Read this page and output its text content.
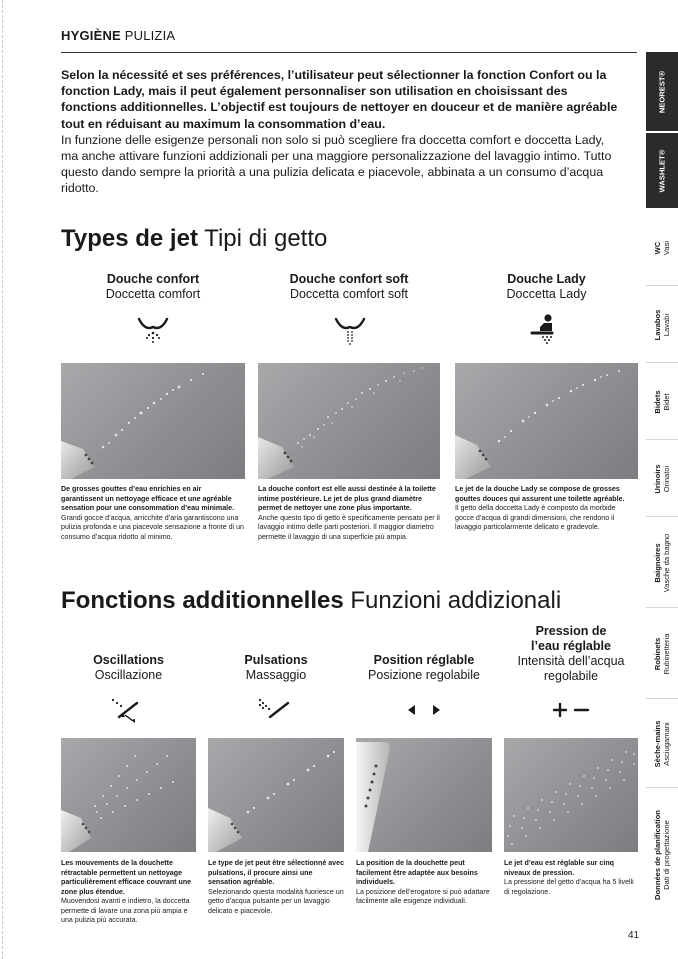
HYGIÈNE PULIZIA
Selon la nécessité et ses préférences, l’utilisateur peut sélectionner la fonction Confort ou la fonction Lady, mais il peut également personnaliser son utilisation en choisissant des fonctions additionnelles. L’objectif est toujours de nettoyer en douceur et de manière agréable tout en réduisant au maximum la consommation d’eau.
In funzione delle esigenze personali non solo si può scegliere fra doccetta comfort e doccetta Lady, ma anche attivare funzioni addizionali per una maggiore personalizzazione del lavaggio intimo. Tutto questo dando sempre la priorità a una pulizia delicata e piacevole, abbinata a un consumo d’acqua ridotto.
Types de jet Tipi di getto
Douche confort
Doccetta comfort
Douche confort soft
Doccetta comfort soft
Douche Lady
Doccetta Lady
De grosses gouttes d’eau enrichies en air garantissent un nettoyage efficace et une agréable sensation pour une consommation d’eau minimale.
Grandi gocce d’acqua, arricchite d’aria garantiscono una pulizia profonda e una piacevole sensazione a fronte di un consumo d’acqua ridotto al minimo.
La douche confort est elle aussi destinée à la toilette intime postérieure. Le jet de plus grand diamètre permet de nettoyer une zone plus importante.
Anche questo tipo di getto è specificamente pensato per il lavaggio intimo delle parti posteriori. Il maggior diametro permette il lavaggio di una superficie più ampia.
Le jet de la douche Lady se compose de grosses gouttes douces qui assurent une toilette agréable.
Il getto della doccetta Lady è composto da morbide gocce d’acqua di grandi dimensioni, che rendono il lavaggio particolarmente delicato e gradevole.
Fonctions additionnelles Funzioni addizionali
Oscillations
Oscillazione
Pulsations
Massaggio
Position réglable
Posizione regolabile
Pression de l’eau réglable
Intensità dell’acqua regolabile
Les mouvements de la douchette rétractable permettent un nettoyage particulièrement efficace couvrant une zone plus étendue.
Muovendosi avanti e indietro, la doccetta permette di lavare una zona più ampia e una pulizia più accurata.
Le type de jet peut être sélectionné avec pulsations, il procure ainsi une sensation agréable.
Selezionando questa modalità fuoriesce un getto d’acqua pulsante per un lavaggio delicato e piacevole.
La position de la douchette peut facilement être adaptée aux besoins individuels.
La posizione dell’erogatore si può adattare facilmente alle esigenze individuali.
Le jet d’eau est réglable sur cinq niveaux de pression.
La pressione del getto d’acqua ha 5 livelli di regolazione.
NEOREST®
WASHLET®
WC Vasi
Lavabos Lavabi
Bidets Bidet
Urinoirs Orinatoi
Baignoires Vasche da bagno
Robinets Rubinetteria
Sèche-mains Asciugamani
Données de planification Dati di progettazione
41
